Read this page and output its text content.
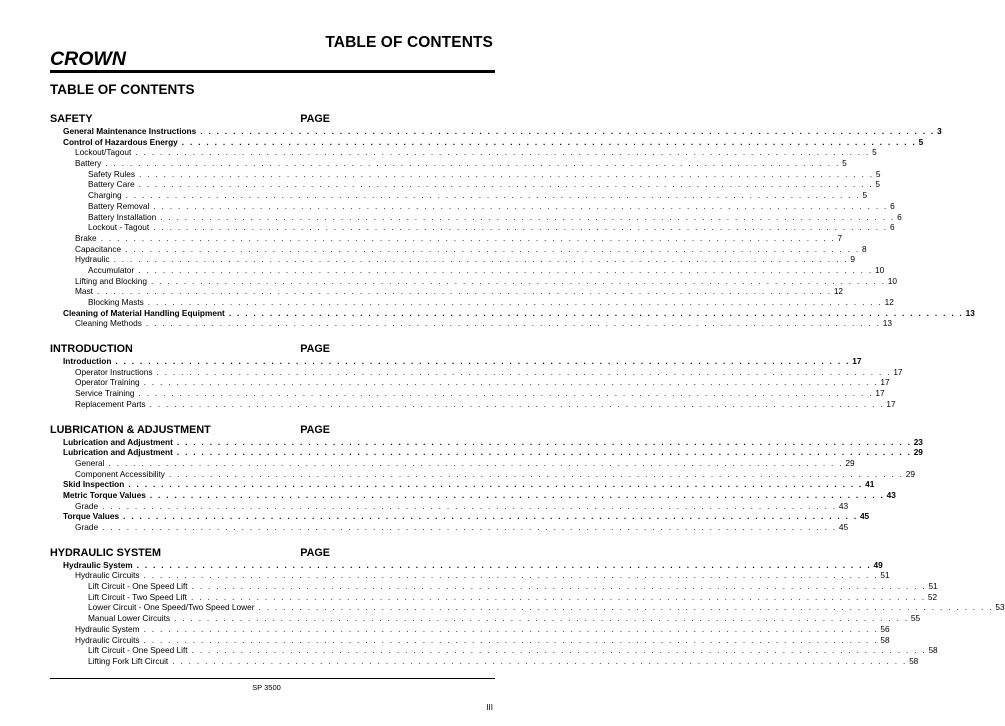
CROWN
TABLE OF CONTENTS
TABLE OF CONTENTS
SAFETY	PAGE
General Maintenance Instructions . . . . . . . . . . . . . . . . . . . . . . . . . . . . . . . . . . . . . . . . . . . . . . . . . . . . . . . . . . . . . . . . . . . . . . . . . . . . . . . . . . . . . . . . . . 3
Control of Hazardous Energy . . . . . . . . . . . . . . . . . . . . . . . . . . . . . . . . . . . . . . . . . . . . . . . . . . . . . . . . . . . . . . . . . . . . . . . . . . . . . . . . . . . . . . . . . . 5
Lockout/Tagout . . . . . . . . . . . . . . . . . . . . . . . . . . . . . . . . . . . . . . . . . . . . . . . . . . . . . . . . . . . . . . . . . . . . . . . . . . . . . . . . . . . . . . . . . . 5
Battery . . . . . . . . . . . . . . . . . . . . . . . . . . . . . . . . . . . . . . . . . . . . . . . . . . . . . . . . . . . . . . . . . . . . . . . . . . . . . . . . . . . . . . . . . . 5
Safety Rules . . . . . . . . . . . . . . . . . . . . . . . . . . . . . . . . . . . . . . . . . . . . . . . . . . . . . . . . . . . . . . . . . . . . . . . . . . . . . . . . . . . . . . . . . . 5
Battery Care . . . . . . . . . . . . . . . . . . . . . . . . . . . . . . . . . . . . . . . . . . . . . . . . . . . . . . . . . . . . . . . . . . . . . . . . . . . . . . . . . . . . . . . . . . 5
Charging . . . . . . . . . . . . . . . . . . . . . . . . . . . . . . . . . . . . . . . . . . . . . . . . . . . . . . . . . . . . . . . . . . . . . . . . . . . . . . . . . . . . . . . . . . 5
Battery Removal . . . . . . . . . . . . . . . . . . . . . . . . . . . . . . . . . . . . . . . . . . . . . . . . . . . . . . . . . . . . . . . . . . . . . . . . . . . . . . . . . . . . . . . . . . 6
Battery Installation . . . . . . . . . . . . . . . . . . . . . . . . . . . . . . . . . . . . . . . . . . . . . . . . . . . . . . . . . . . . . . . . . . . . . . . . . . . . . . . . . . . . . . . . . . 6
Lockout - Tagout . . . . . . . . . . . . . . . . . . . . . . . . . . . . . . . . . . . . . . . . . . . . . . . . . . . . . . . . . . . . . . . . . . . . . . . . . . . . . . . . . . . . . . . . . . 6
Brake . . . . . . . . . . . . . . . . . . . . . . . . . . . . . . . . . . . . . . . . . . . . . . . . . . . . . . . . . . . . . . . . . . . . . . . . . . . . . . . . . . . . . . . . . . 7
Capacitance . . . . . . . . . . . . . . . . . . . . . . . . . . . . . . . . . . . . . . . . . . . . . . . . . . . . . . . . . . . . . . . . . . . . . . . . . . . . . . . . . . . . . . . . . . 8
Hydraulic . . . . . . . . . . . . . . . . . . . . . . . . . . . . . . . . . . . . . . . . . . . . . . . . . . . . . . . . . . . . . . . . . . . . . . . . . . . . . . . . . . . . . . . . . . 9
Accumulator . . . . . . . . . . . . . . . . . . . . . . . . . . . . . . . . . . . . . . . . . . . . . . . . . . . . . . . . . . . . . . . . . . . . . . . . . . . . . . . . . . . . . . . . . . 10
Lifting and Blocking . . . . . . . . . . . . . . . . . . . . . . . . . . . . . . . . . . . . . . . . . . . . . . . . . . . . . . . . . . . . . . . . . . . . . . . . . . . . . . . . . . . . . . . . . . 10
Mast . . . . . . . . . . . . . . . . . . . . . . . . . . . . . . . . . . . . . . . . . . . . . . . . . . . . . . . . . . . . . . . . . . . . . . . . . . . . . . . . . . . . . . . . . . 12
Blocking Masts . . . . . . . . . . . . . . . . . . . . . . . . . . . . . . . . . . . . . . . . . . . . . . . . . . . . . . . . . . . . . . . . . . . . . . . . . . . . . . . . . . . . . . . . . . 12
Cleaning of Material Handling Equipment . . . . . . . . . . . . . . . . . . . . . . . . . . . . . . . . . . . . . . . . . . . . . . . . . . . . . . . . . . . . . . . . . . . . . . . . . . . . . . . . . . . . . . . . . . 13
Cleaning Methods . . . . . . . . . . . . . . . . . . . . . . . . . . . . . . . . . . . . . . . . . . . . . . . . . . . . . . . . . . . . . . . . . . . . . . . . . . . . . . . . . . . . . . . . . . 13
INTRODUCTION	PAGE
Introduction . . . . . . . . . . . . . . . . . . . . . . . . . . . . . . . . . . . . . . . . . . . . . . . . . . . . . . . . . . . . . . . . . . . . . . . . . . . . . . . . . . . . . . . . . . 17
Operator Instructions . . . . . . . . . . . . . . . . . . . . . . . . . . . . . . . . . . . . . . . . . . . . . . . . . . . . . . . . . . . . . . . . . . . . . . . . . . . . . . . . . . . . . . . . . . 17
Operator Training . . . . . . . . . . . . . . . . . . . . . . . . . . . . . . . . . . . . . . . . . . . . . . . . . . . . . . . . . . . . . . . . . . . . . . . . . . . . . . . . . . . . . . . . . . 17
Service Training . . . . . . . . . . . . . . . . . . . . . . . . . . . . . . . . . . . . . . . . . . . . . . . . . . . . . . . . . . . . . . . . . . . . . . . . . . . . . . . . . . . . . . . . . . 17
Replacement Parts . . . . . . . . . . . . . . . . . . . . . . . . . . . . . . . . . . . . . . . . . . . . . . . . . . . . . . . . . . . . . . . . . . . . . . . . . . . . . . . . . . . . . . . . . . 17
LUBRICATION & ADJUSTMENT	PAGE
Lubrication and Adjustment . . . . . . . . . . . . . . . . . . . . . . . . . . . . . . . . . . . . . . . . . . . . . . . . . . . . . . . . . . . . . . . . . . . . . . . . . . . . . . . . . . . . . . . . . . 23
Lubrication and Adjustment . . . . . . . . . . . . . . . . . . . . . . . . . . . . . . . . . . . . . . . . . . . . . . . . . . . . . . . . . . . . . . . . . . . . . . . . . . . . . . . . . . . . . . . . . . 29
General . . . . . . . . . . . . . . . . . . . . . . . . . . . . . . . . . . . . . . . . . . . . . . . . . . . . . . . . . . . . . . . . . . . . . . . . . . . . . . . . . . . . . . . . . . 29
Component Accessibility . . . . . . . . . . . . . . . . . . . . . . . . . . . . . . . . . . . . . . . . . . . . . . . . . . . . . . . . . . . . . . . . . . . . . . . . . . . . . . . . . . . . . . . . . . 29
Skid Inspection . . . . . . . . . . . . . . . . . . . . . . . . . . . . . . . . . . . . . . . . . . . . . . . . . . . . . . . . . . . . . . . . . . . . . . . . . . . . . . . . . . . . . . . . . . 41
Metric Torque Values . . . . . . . . . . . . . . . . . . . . . . . . . . . . . . . . . . . . . . . . . . . . . . . . . . . . . . . . . . . . . . . . . . . . . . . . . . . . . . . . . . . . . . . . . . 43
Grade . . . . . . . . . . . . . . . . . . . . . . . . . . . . . . . . . . . . . . . . . . . . . . . . . . . . . . . . . . . . . . . . . . . . . . . . . . . . . . . . . . . . . . . . . . 43
Torque Values . . . . . . . . . . . . . . . . . . . . . . . . . . . . . . . . . . . . . . . . . . . . . . . . . . . . . . . . . . . . . . . . . . . . . . . . . . . . . . . . . . . . . . . . . . 45
Grade . . . . . . . . . . . . . . . . . . . . . . . . . . . . . . . . . . . . . . . . . . . . . . . . . . . . . . . . . . . . . . . . . . . . . . . . . . . . . . . . . . . . . . . . . . 45
HYDRAULIC SYSTEM	PAGE
Hydraulic System . . . . . . . . . . . . . . . . . . . . . . . . . . . . . . . . . . . . . . . . . . . . . . . . . . . . . . . . . . . . . . . . . . . . . . . . . . . . . . . . . . . . . . . . . . 49
Hydraulic Circuits . . . . . . . . . . . . . . . . . . . . . . . . . . . . . . . . . . . . . . . . . . . . . . . . . . . . . . . . . . . . . . . . . . . . . . . . . . . . . . . . . . . . . . . . . . 51
Lift Circuit - One Speed Lift . . . . . . . . . . . . . . . . . . . . . . . . . . . . . . . . . . . . . . . . . . . . . . . . . . . . . . . . . . . . . . . . . . . . . . . . . . . . . . . . . . . . . . . . . . 51
Lift Circuit - Two Speed Lift . . . . . . . . . . . . . . . . . . . . . . . . . . . . . . . . . . . . . . . . . . . . . . . . . . . . . . . . . . . . . . . . . . . . . . . . . . . . . . . . . . . . . . . . . . 52
Lower Circuit - One Speed/Two Speed Lower . . . . . . . . . . . . . . . . . . . . . . . . . . . . . . . . . . . . . . . . . . . . . . . . . . . . . . . . . . . . . . . . . . . . . . . . . . . . . . . . . . . . . . . . . . 53
Manual Lower Circuits . . . . . . . . . . . . . . . . . . . . . . . . . . . . . . . . . . . . . . . . . . . . . . . . . . . . . . . . . . . . . . . . . . . . . . . . . . . . . . . . . . . . . . . . . . 55
Hydraulic System . . . . . . . . . . . . . . . . . . . . . . . . . . . . . . . . . . . . . . . . . . . . . . . . . . . . . . . . . . . . . . . . . . . . . . . . . . . . . . . . . . . . . . . . . . 56
Hydraulic Circuits . . . . . . . . . . . . . . . . . . . . . . . . . . . . . . . . . . . . . . . . . . . . . . . . . . . . . . . . . . . . . . . . . . . . . . . . . . . . . . . . . . . . . . . . . . 58
Lift Circuit - One Speed Lift . . . . . . . . . . . . . . . . . . . . . . . . . . . . . . . . . . . . . . . . . . . . . . . . . . . . . . . . . . . . . . . . . . . . . . . . . . . . . . . . . . . . . . . . . . 58
Lifting Fork Lift Circuit . . . . . . . . . . . . . . . . . . . . . . . . . . . . . . . . . . . . . . . . . . . . . . . . . . . . . . . . . . . . . . . . . . . . . . . . . . . . . . . . . . . . . . . . . . 58
SP 3500
III
